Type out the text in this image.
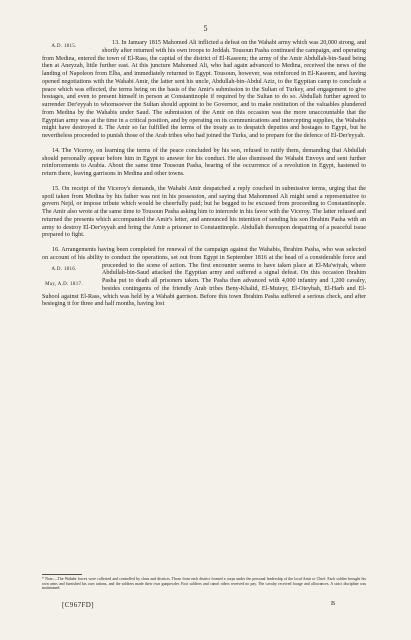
5

A.D. 1815.
13. In January 1815 Mahomed Ali inflicted a defeat on the Wahabi army which was 20,000 strong, and shortly after returned with his own troops to Jeddah. Tousoun Pasha continued the campaign, and operating from Medina, entered the town of El-Rass, the capital of the district of El-Kaseem; the army of the Amir Abdullah-bin-Saud being then at Aneyzah, little further east. At this juncture Mahomed Ali, who had again advanced to Medina, received the news of the landing of Napoleon from Elba, and immediately returned to Egypt. Tousoun, however, was reinforced in El-Kaseem, and having opened negotiations with the Wahabi Amir, the latter sent his uncle, Abdullah-bin-Abdul Aziz, to the Egyptian camp to conclude a peace which was effected, the terms being on the basis of the Amir's submission to the Sultan of Turkey, and engagement to give hostages, and even to present himself in person at Constantinople if required by the Sultan to do so. Abdullah further agreed to surrender Der'eyyah to whomsoever the Sultan should appoint to be Governor, and to make restitution of the valuables plundered from Medina by the Wahabis under Saud. The submission of the Amir on this occasion was the more unaccountable that the Egyptian army was at the time in a critical position, and by operating on its communications and intercepting supplies, the Wahabis might have destroyed it. The Amir so far fulfilled the terms of the treaty as to despatch deputies and hostages to Egypt, but he nevertheless proceeded to punish those of the Arab tribes who had joined the Turks, and to prepare for the defence of El-Der'eyyah.

14. The Viceroy, on learning the terms of the peace concluded by his son, refused to ratify them, demanding that Abdullah should personally appear before him in Egypt to answer for his conduct. He also dismissed the Wahabi Envoys and sent further reinforcements to Arabia. About the same time Tousoun Pasha, hearing of the occurrence of a revolution in Egypt, hastened to return there, leaving garrisons in Medina and other towns.

15. On receipt of the Viceroy's demands, the Wahabi Amir despatched a reply couched in submissive terms, urging that the spoil taken from Medina by his father was not in his possession, and saying that Mahommed Ali might send a representative to govern Nejd, or impose tribute which would be cheerfully paid; but he begged to be excused from proceeding to Constantinople. The Amir also wrote at the same time to Tousoun Pasha asking him to intercede in his favor with the Viceroy. The latter refused and returned the presents which accompanied the Amir's letter, and announced his intention of sending his son Ibrahim Pasha with an army to destroy El-Der'eyyah and bring the Amir a prisoner to Constantinople. Abdullah thereupon despairing of a peaceful issue prepared to fight.

16. Arrangements having been completed for renewal of the campaign against the Wahabis, Ibrahim Pasha, who was selected on account of his ability to conduct the operations, set out from Egypt in September 1816 at the head of a considerable force and proceeded to the scene of action.
A.D. 1816.
The first encounter seems to have taken place at El-Ma'wiyah, where Abdullah-bin-Saud attacked the Egyptian army and suffered a signal defeat. On this occasion Ibrahim Pasha put to death all prisoners taken.
May, A.D. 1817.
The Pasha then advanced with 4,000 infantry and 1,200 cavalry, besides contingents of the friendly Arab tribes Beny-Khalid, El-Muteyr, El-Oteybah, El-Harb and El-Suhool against El-Rass, which was held by a Wahabi garrison. Before this town Ibrahim Pasha suffered a serious check, and after besieging it for three and half months, having lost

* Note.—The Wahabi forces were collected and controlled by clans and districts. Those from each district formed a corps under the personal leadership of the local Amir or Chief. Each soldier brought his own arms and furnished his own rations, and the soldiers made their own gunpowder. Foot soldiers and camel riders received no pay. The cavalry received forage and allowances. A strict discipline was maintained.
[C967FD]	B
